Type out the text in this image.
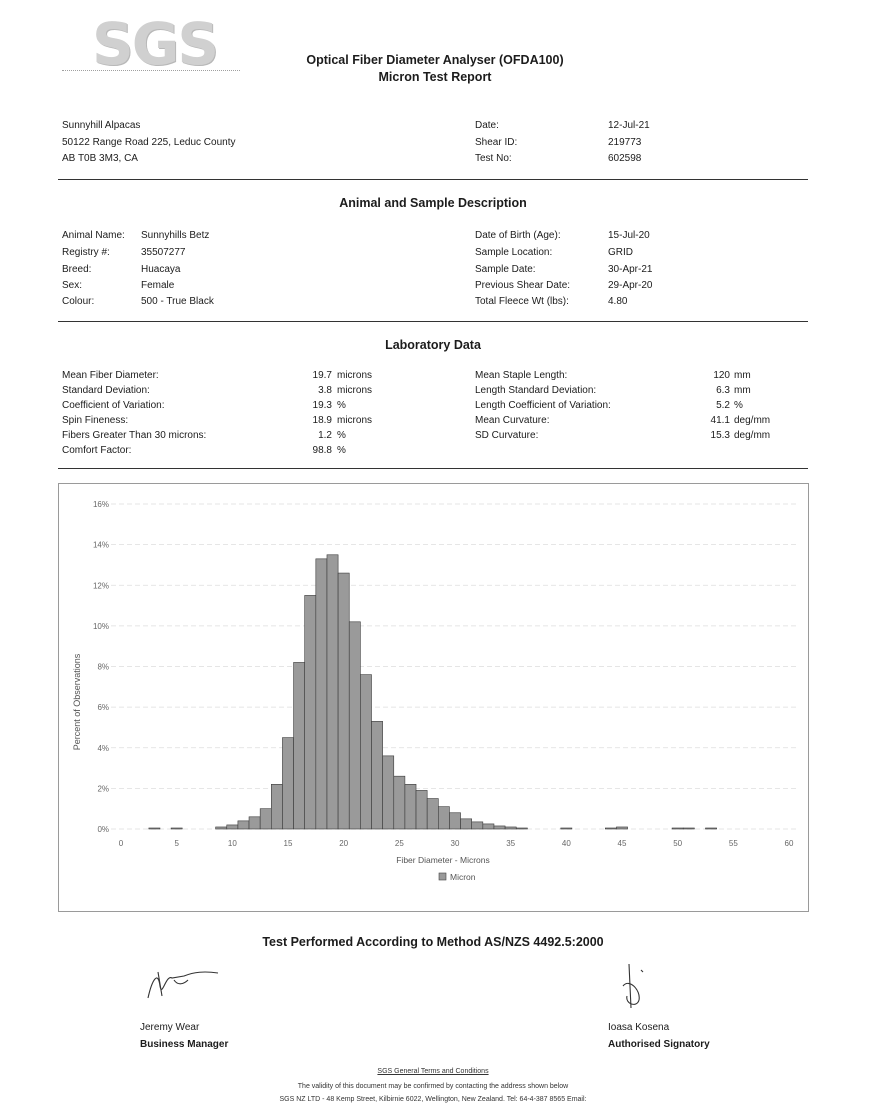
SGS	Optical Fiber Diameter Analyser (OFDA100)
Micron Test Report
Sunnyhill Alpacas
50122 Range Road 225, Leduc County
AB T0B 3M3, CA
Date:	12-Jul-21
Shear ID:	219773
Test No:	602598
Animal and Sample Description
Animal Name: Sunnyhills Betz
Registry #:	35507277
Breed:	Huacaya
Sex:	Female
Colour:	500 - True Black
Date of Birth (Age):	15-Jul-20
Sample Location:	GRID
Sample Date:	30-Apr-21
Previous Shear Date:	29-Apr-20
Total Fleece Wt (lbs):	4.80
Laboratory Data
Mean Fiber Diameter:	19.7 microns
Standard Deviation:	3.8 microns
Coefficient of Variation:	19.3 %
Spin Fineness:	18.9 microns
Fibers Greater Than 30 microns:	1.2 %
Comfort Factor:	98.8 %
Mean Staple Length:	120 mm
Length Standard Deviation:	6.3 mm
Length Coefficient of Variation:	5.2 %
Mean Curvature:	41.1 deg/mm
SD Curvature:	15.3 deg/mm
0%
2%
4%
6%
8%
10%
12%
14%
16%
0	5	10	15	20	25	30	35	40	45	50	55	60
Percent of Observations
Fiber Diameter - Microns
Micron
Test Performed According to Method AS/NZS 4492.5:2000
Jeremy Wear
Business Manager
Ioasa Kosena
Authorised Signatory
SGS General Terms and Conditions
The validity of this document may be confirmed by contacting the address shown below
SGS NZ LTD - 48 Kemp Street, Kilbirnie 6022, Wellington, New Zealand. Tel: 64-4-387 8565 Email:
